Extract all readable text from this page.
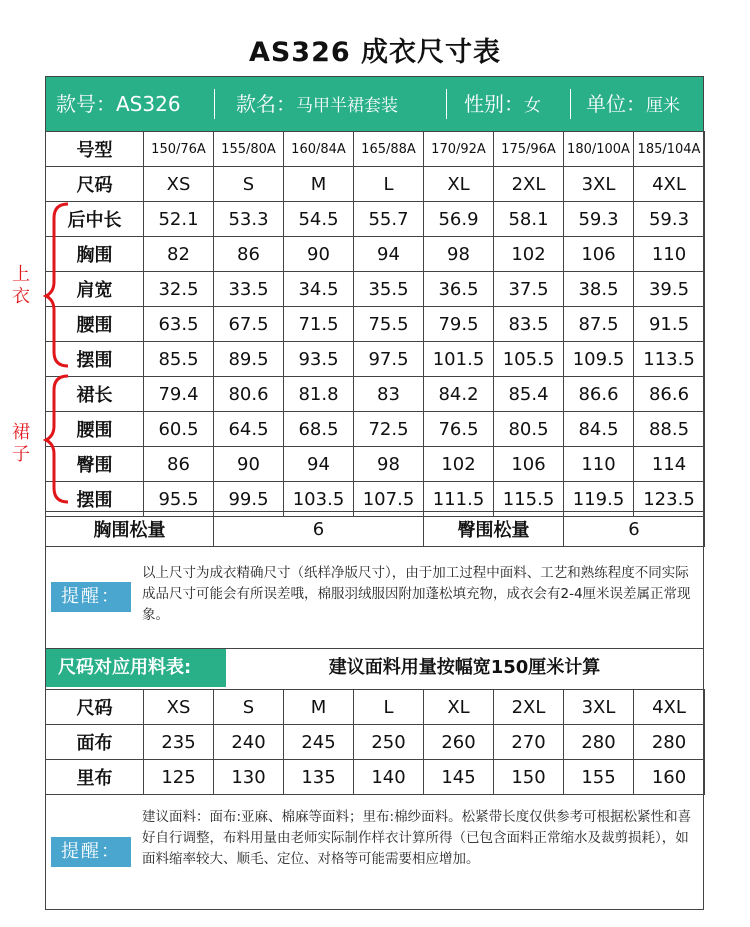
AS326 成衣尺寸表
款号：AS326	款名：马甲半裙套装	性别：女 单位：厘米
号型	150/76A	155/80A	160/84A	165/88A	170/92A	175/96A	180/100A	185/104A
尺码	XS	S	M	L	XL	2XL	3XL	4XL
后中长	52.1	53.3	54.5	55.7	56.9	58.1	59.3	59.3
胸围	82	86	90	94	98	102	106	110
肩宽	32.5	33.5	34.5	35.5	36.5	37.5	38.5	39.5
腰围	63.5	67.5	71.5	75.5	79.5	83.5	87.5	91.5
摆围	85.5	89.5	93.5	97.5	101.5	105.5	109.5	113.5
裙长	79.4	80.6	81.8	83	84.2	85.4	86.6	86.6
腰围	60.5	64.5	68.5	72.5	76.5	80.5	84.5	88.5
臀围	86	90	94	98	102	106	110	114
摆围	95.5	99.5	103.5	107.5	111.5	115.5	119.5	123.5
胸围松量	6	臀围松量	6
上
衣
裙
子
提醒：
以上尺寸为成衣精确尺寸（纸样净版尺寸），由于加工过程中面料、工艺和熟练程度不同实际成品尺寸可能会有所误差哦，棉服羽绒服因附加蓬松填充物，成衣会有2-4厘米误差属正常现象。
尺码对应用料表:	建议面料用量按幅宽150厘米计算
尺码	XS	S	M	L	XL	2XL	3XL	4XL
面布	235	240	245	250	260	270	280	280
里布	125	130	135	140	145	150	155	160
提醒：
建议面料：面布:亚麻、棉麻等面料；里布:棉纱面料。松紧带长度仅供参考可根据松紧性和喜好自行调整，布料用量由老师实际制作样衣计算所得（已包含面料正常缩水及裁剪损耗），如面料缩率较大、顺毛、定位、对格等可能需要相应增加。
